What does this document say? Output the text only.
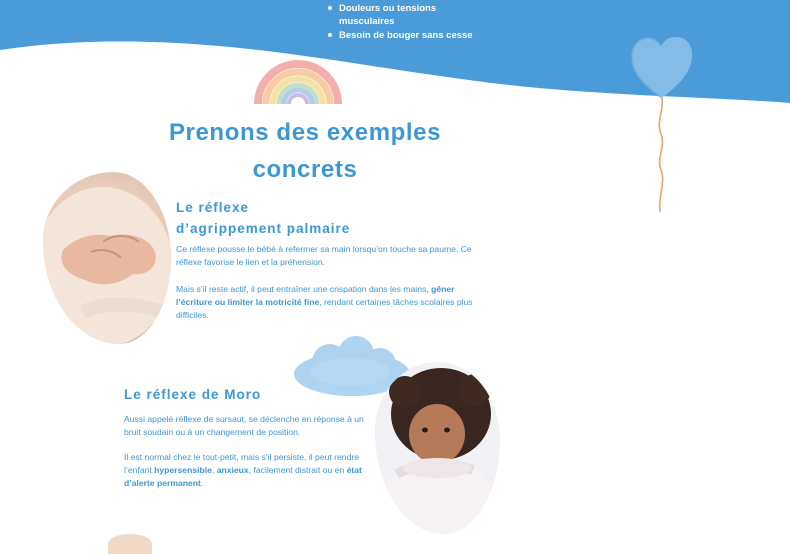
Douleurs ou tensions musculaires
Besoin de bouger sans cesse
Prenons des exemples
concrets
Le réflexe
d’agrippement palmaire

Ce réflexe pousse le bébé à refermer sa main lorsqu’on touche sa paume. Ce réflexe favorise le lien et la préhension.

Mais s’il reste actif, il peut entraîner une crispation dans les mains, gêner l’écriture ou limiter la motricité fine, rendant certaines tâches scolaires plus difficiles.

Le réflexe de Moro

Aussi appelé réflexe de sursaut, se déclenche en réponse à un bruit soudain ou à un changement de position.

Il est normal chez le tout-petit, mais s’il persiste, il peut rendre l’enfant hypersensible, anxieux, facilement distrait ou en état d’alerte permanent.
